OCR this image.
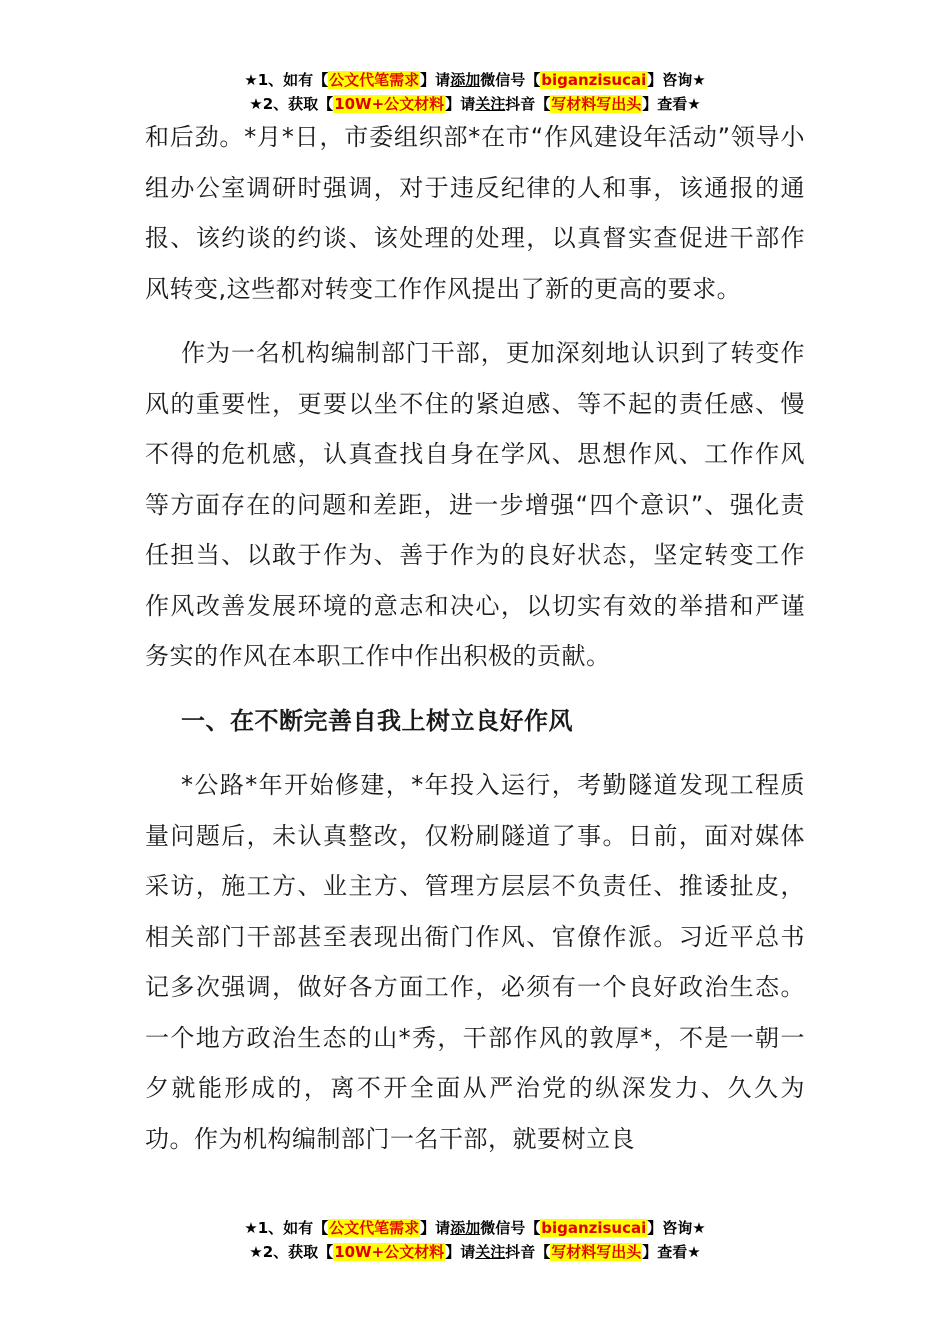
★1、如有【公文代笔需求】请添加微信号【biganzisucai】咨询★
★2、获取【10W+公文材料】请关注抖音【写材料写出头】查看★

和后劲。*月*日，市委组织部*在市“作风建设年活动”领导小组办公室调研时强调，对于违反纪律的人和事，该通报的通报、该约谈的约谈、该处理的处理，以真督实查促进干部作风转变,这些都对转变工作作风提出了新的更高的要求。

作为一名机构编制部门干部，更加深刻地认识到了转变作风的重要性，更要以坐不住的紧迫感、等不起的责任感、慢不得的危机感，认真查找自身在学风、思想作风、工作作风等方面存在的问题和差距，进一步增强“四个意识”、强化责任担当、以敢于作为、善于作为的良好状态，坚定转变工作作风改善发展环境的意志和决心，以切实有效的举措和严谨务实的作风在本职工作中作出积极的贡献。

一、在不断完善自我上树立良好作风

*公路*年开始修建，*年投入运行，考勤隧道发现工程质量问题后，未认真整改，仅粉刷隧道了事。日前，面对媒体采访，施工方、业主方、管理方层层不负责任、推诿扯皮，相关部门干部甚至表现出衙门作风、官僚作派。习近平总书记多次强调，做好各方面工作，必须有一个良好政治生态。一个地方政治生态的山*秀，干部作风的敦厚*，不是一朝一夕就能形成的，离不开全面从严治党的纵深发力、久久为功。作为机构编制部门一名干部，就要树立良

★1、如有【公文代笔需求】请添加微信号【biganzisucai】咨询★
★2、获取【10W+公文材料】请关注抖音【写材料写出头】查看★
